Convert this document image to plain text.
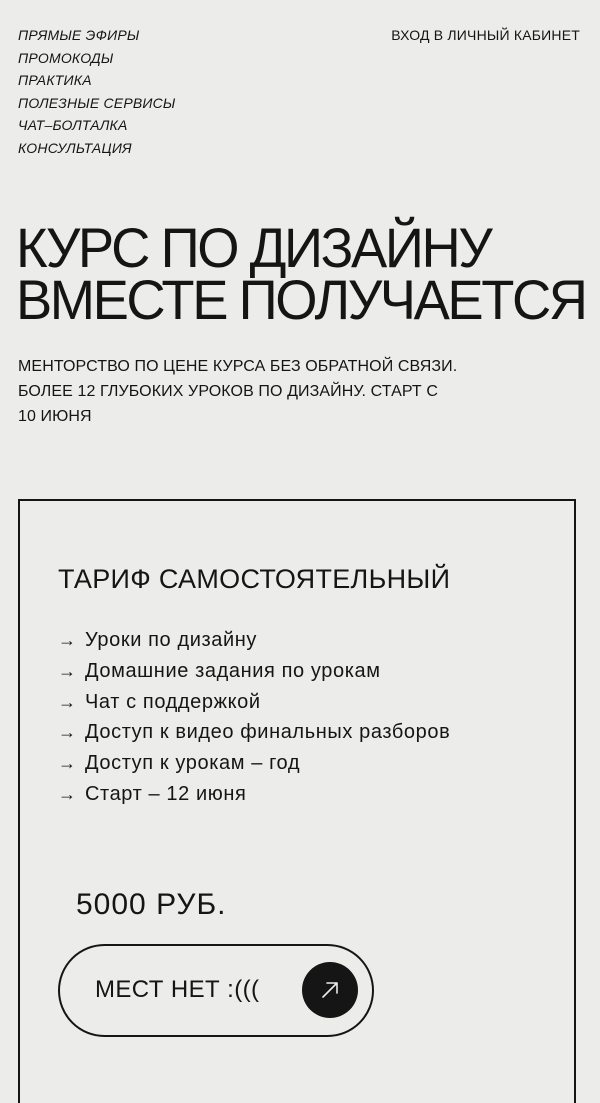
ПРЯМЫЕ ЭФИРЫ
ПРОМОКОДЫ
ПРАКТИКА
ПОЛЕЗНЫЕ СЕРВИСЫ
ЧАТ–БОЛТАЛКА
КОНСУЛЬТАЦИЯ
ВХОД В ЛИЧНЫЙ КАБИНЕТ
КУРС ПО ДИЗАЙНУ
ВМЕСТЕ ПОЛУЧАЕТСЯ
МЕНТОРСТВО ПО ЦЕНЕ КУРСА БЕЗ ОБРАТНОЙ СВЯЗИ. БОЛЕЕ 12 ГЛУБОКИХ УРОКОВ ПО ДИЗАЙНУ. СТАРТ С 10 ИЮНЯ
ТАРИФ САМОСТОЯТЕЛЬНЫЙ
→ Уроки по дизайну
→ Домашние задания по урокам
→ Чат с поддержкой
→ Доступ к видео финальных разборов
→ Доступ к урокам – год
→ Старт – 12 июня
5000 РУБ.
МЕСТ НЕТ :(((
